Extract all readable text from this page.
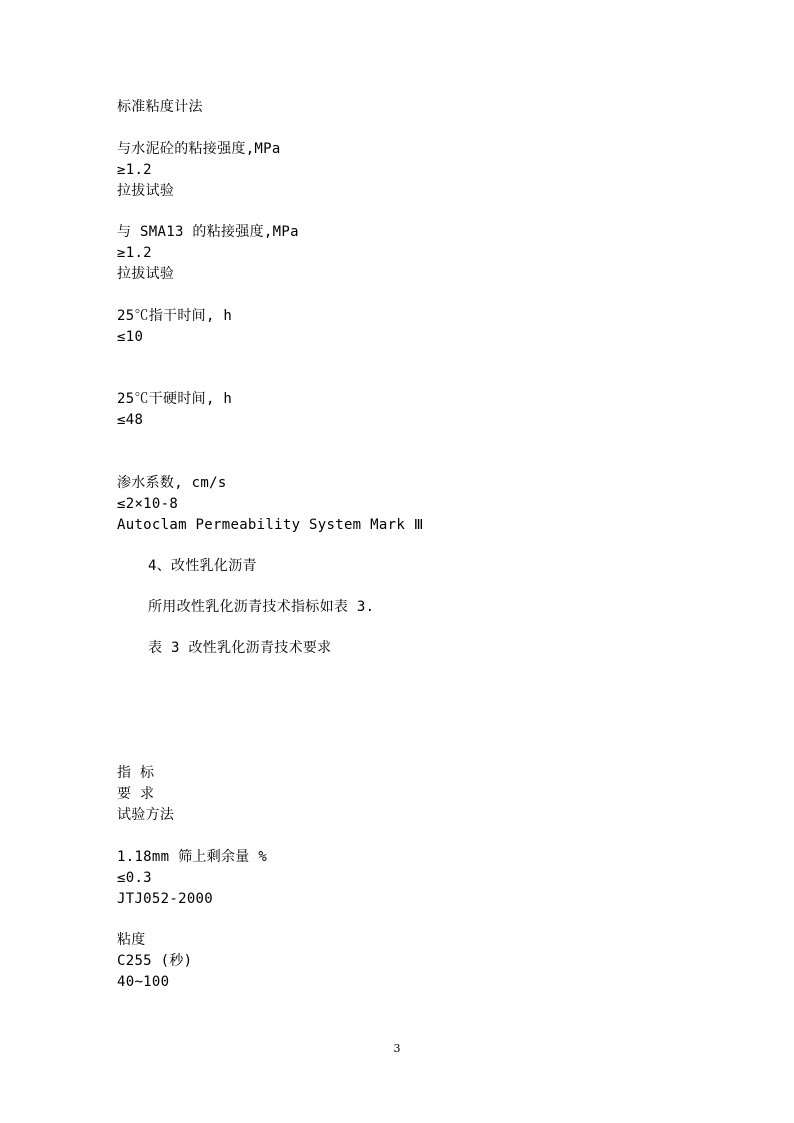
标准粘度计法
与水泥砼的粘接强度,MPa
≥1.2
拉拔试验
与 SMA13 的粘接强度,MPa
≥1.2
拉拔试验
25℃指干时间, h
≤10
25℃干硬时间, h
≤48
渗水系数, cm/s
≤2×10-8
Autoclam Permeability System Mark Ⅲ
4、改性乳化沥青
所用改性乳化沥青技术指标如表 3.
表 3 改性乳化沥青技术要求
指 标
要 求
试验方法
1.18mm 筛上剩余量 %
≤0.3
JTJ052-2000
粘度
C255 (秒)
40~100
3
